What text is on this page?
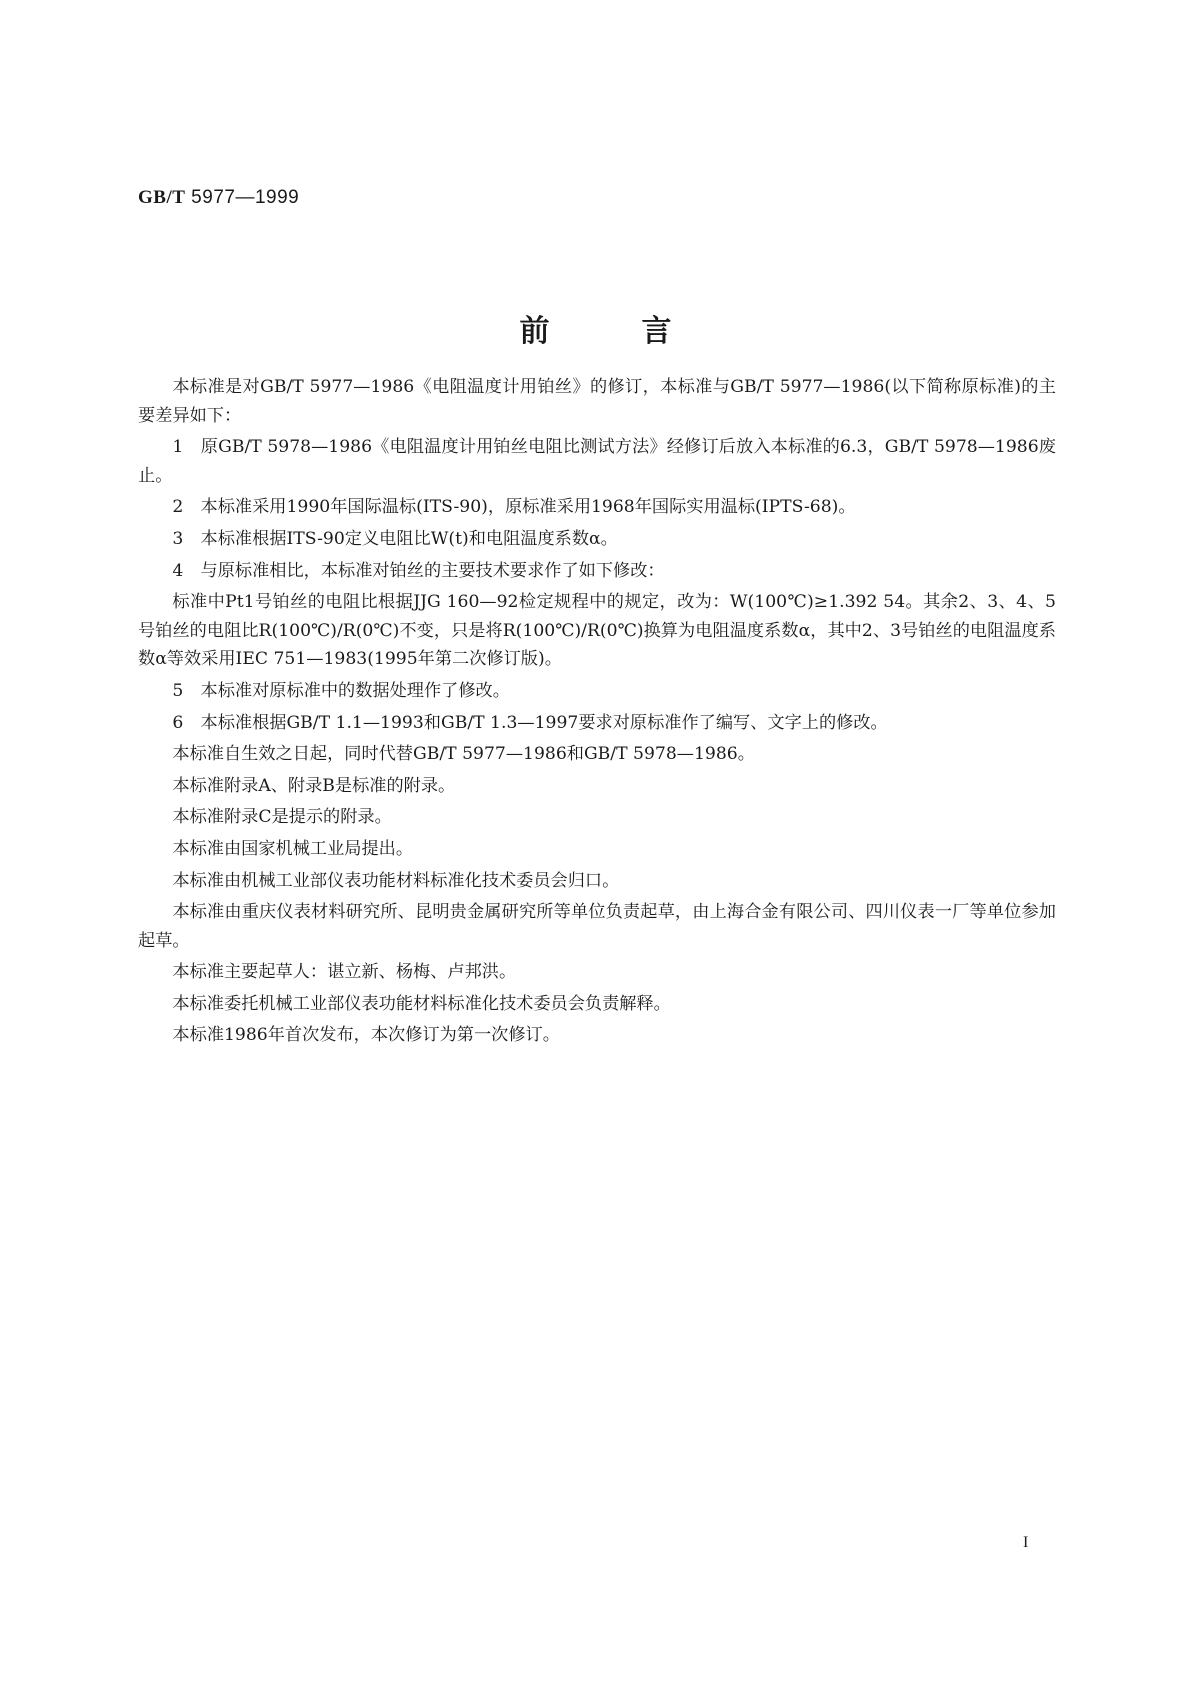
GB/T 5977—1999
前言

本标准是对GB/T 5977—1986《电阻温度计用铂丝》的修订，本标准与GB/T 5977—1986(以下简称原标准)的主要差异如下：

1　原GB/T 5978—1986《电阻温度计用铂丝电阻比测试方法》经修订后放入本标准的6.3，GB/T 5978—1986废止。

2　本标准采用1990年国际温标(ITS-90)，原标准采用1968年国际实用温标(IPTS-68)。

3　本标准根据ITS-90定义电阻比W(t)和电阻温度系数α。

4　与原标准相比，本标准对铂丝的主要技术要求作了如下修改：

标准中Pt1号铂丝的电阻比根据JJG 160—92检定规程中的规定，改为：W(100℃)≥1.392 54。其余2、3、4、5号铂丝的电阻比R(100℃)/R(0℃)不变，只是将R(100℃)/R(0℃)换算为电阻温度系数α，其中2、3号铂丝的电阻温度系数α等效采用IEC 751—1983(1995年第二次修订版)。

5　本标准对原标准中的数据处理作了修改。

6　本标准根据GB/T 1.1—1993和GB/T 1.3—1997要求对原标准作了编写、文字上的修改。

本标准自生效之日起，同时代替GB/T 5977—1986和GB/T 5978—1986。

本标准附录A、附录B是标准的附录。

本标准附录C是提示的附录。

本标准由国家机械工业局提出。

本标准由机械工业部仪表功能材料标准化技术委员会归口。

本标准由重庆仪表材料研究所、昆明贵金属研究所等单位负责起草，由上海合金有限公司、四川仪表一厂等单位参加起草。

本标准主要起草人：谌立新、杨梅、卢邦洪。

本标准委托机械工业部仪表功能材料标准化技术委员会负责解释。

本标准1986年首次发布，本次修订为第一次修订。

I
